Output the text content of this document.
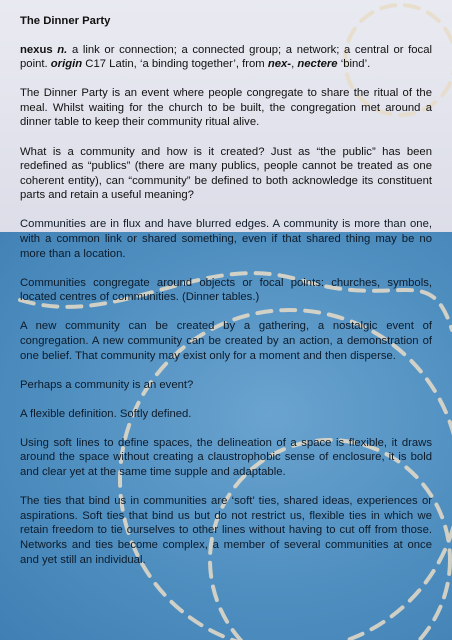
The Dinner Party
nexus n. a link or connection; a connected group; a network; a central or focal point. origin C17 Latin, ‘a binding together’, from nex-, nectere ‘bind’.

The Dinner Party is an event where people congregate to share the ritual of the meal. Whilst waiting for the church to be built, the congregation met around a dinner table to keep their community ritual alive.

What is a community and how is it created? Just as “the public” has been redefined as “publics” (there are many publics, people cannot be treated as one coherent entity), can “community” be defined to both acknowledge its constituent parts and retain a useful meaning?

Communities are in flux and have blurred edges. A community is more than one, with a common link or shared something, even if that shared thing may be no more than a location.

Communities congregate around objects or focal points: churches, symbols, located centres of communities. (Dinner tables.)

A new community can be created by a gathering, a nostalgic event of congregation. A new community can be created by an action, a demonstration of one belief. That community may exist only for a moment and then disperse.

Perhaps a community is an event?

A flexible definition. Softly defined.

Using soft lines to define spaces, the delineation of a space is flexible, it draws around the space without creating a claustrophobic sense of enclosure, it is bold and clear yet at the same time supple and adaptable.

The ties that bind us in communities are ‘soft’ ties, shared ideas, experiences or aspirations. Soft ties that bind us but do not restrict us, flexible ties in which we retain freedom to tie ourselves to other lines without having to cut off from those. Networks and ties become complex, a member of several communities at once and yet still an individual.
